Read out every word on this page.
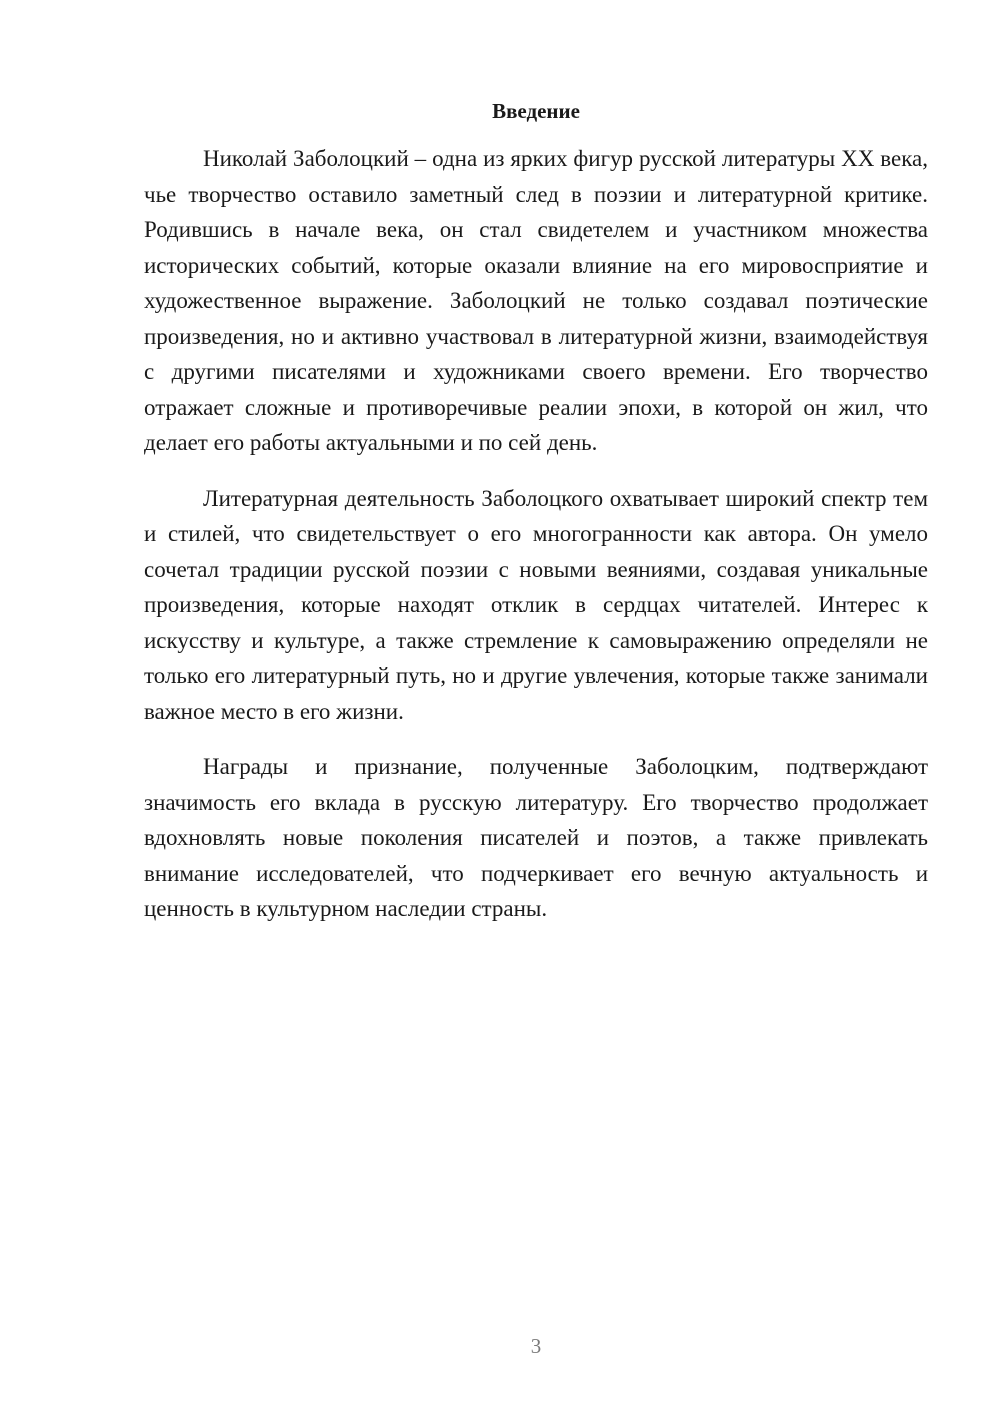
Введение

Николай Заболоцкий – одна из ярких фигур русской литературы XX века, чье творчество оставило заметный след в поэзии и литературной критике. Родившись в начале века, он стал свидетелем и участником множества исторических событий, которые оказали влияние на его мировосприятие и художественное выражение. Заболоцкий не только создавал поэтические произведения, но и активно участвовал в литературной жизни, взаимодействуя с другими писателями и художниками своего времени. Его творчество отражает сложные и противоречивые реалии эпохи, в которой он жил, что делает его работы актуальными и по сей день.

Литературная деятельность Заболоцкого охватывает широкий спектр тем и стилей, что свидетельствует о его многогранности как автора. Он умело сочетал традиции русской поэзии с новыми веяниями, создавая уникальные произведения, которые находят отклик в сердцах читателей. Интерес к искусству и культуре, а также стремление к самовыражению определяли не только его литературный путь, но и другие увлечения, которые также занимали важное место в его жизни.

Награды и признание, полученные Заболоцким, подтверждают значимость его вклада в русскую литературу. Его творчество продолжает вдохновлять новые поколения писателей и поэтов, а также привлекать внимание исследователей, что подчеркивает его вечную актуальность и ценность в культурном наследии страны.

3
